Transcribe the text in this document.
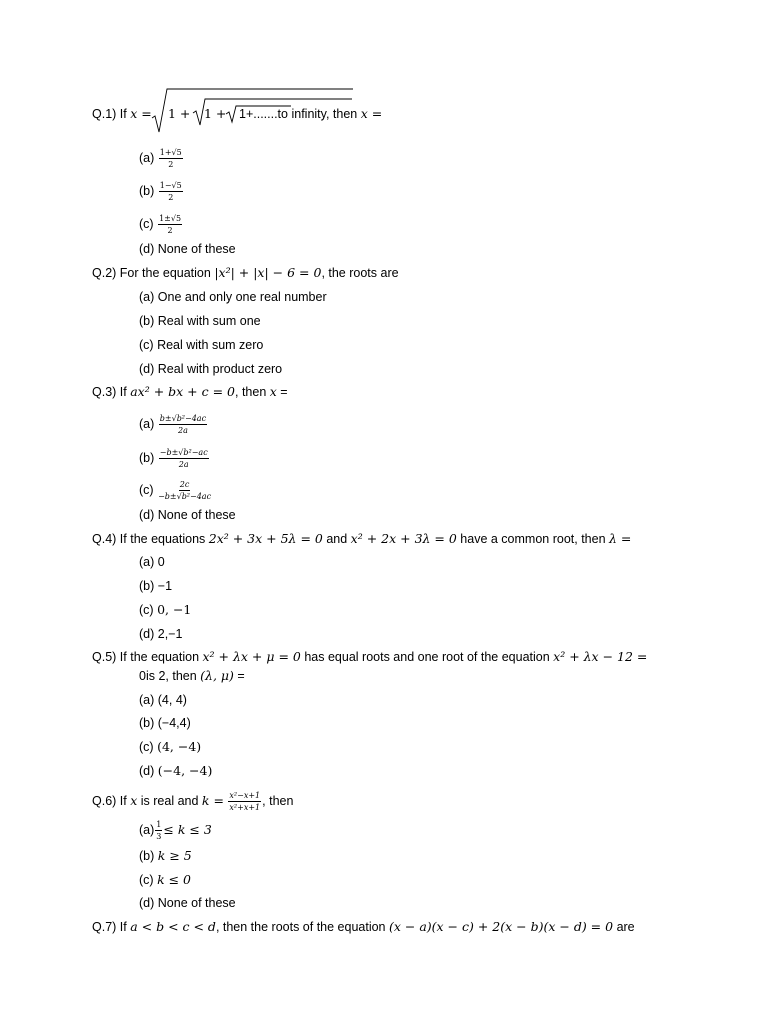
Q.1) If x = 1 + 1 + 1+.......to infinity, then x =
$(a) \frac{1+√5}{2}$
$(b) \frac{1-√5}{2}$
$(c) \frac{1\pm√5}{2}$
(d) None of these
Q.2) For the equation |x²| + |x| − 6 = 0, the roots are
(a) One and only one real number
(b) Real with sum one
(c) Real with sum zero
(d) Real with product zero
Q.3) If ax² + bx + c = 0, then x =
$(a) \frac{\text{b±√b²−4ac}}{2a}$
$(b) \frac{\text{−b±√b²−ac}}{2a}$
$(c) \frac{2c}{\text{−b±√b²−4ac}}$
(d) None of these
Q.4) If the equations 2x² + 3x + 5λ = 0 and x² + 2x + 3λ = 0 have a common root, then λ =
(a) 0
(b) −1
(c) 0, −1
(d) 2,−1
Q.5) If the equation x² + λx + μ = 0 has equal roots and one root of the equation x² + λx − 12 =
0is 2, then (λ, μ) =
(a) (4, 4)
(b) (−4,4)
(c) (4, −4)
(d) (−4, −4)
Q.6) If x is real and $k = \frac{\text{x²−x+1}}{\text{x²+x+1}}$ , then
$(a) \frac{1}{3} \le k \le 3$
(b) k ≥ 5
(c) k ≤ 0
(d) None of these
Q.7) If a < b < c < d, then the roots of the equation (x − a)(x − c) + 2(x − b)(x − d) = 0 are
